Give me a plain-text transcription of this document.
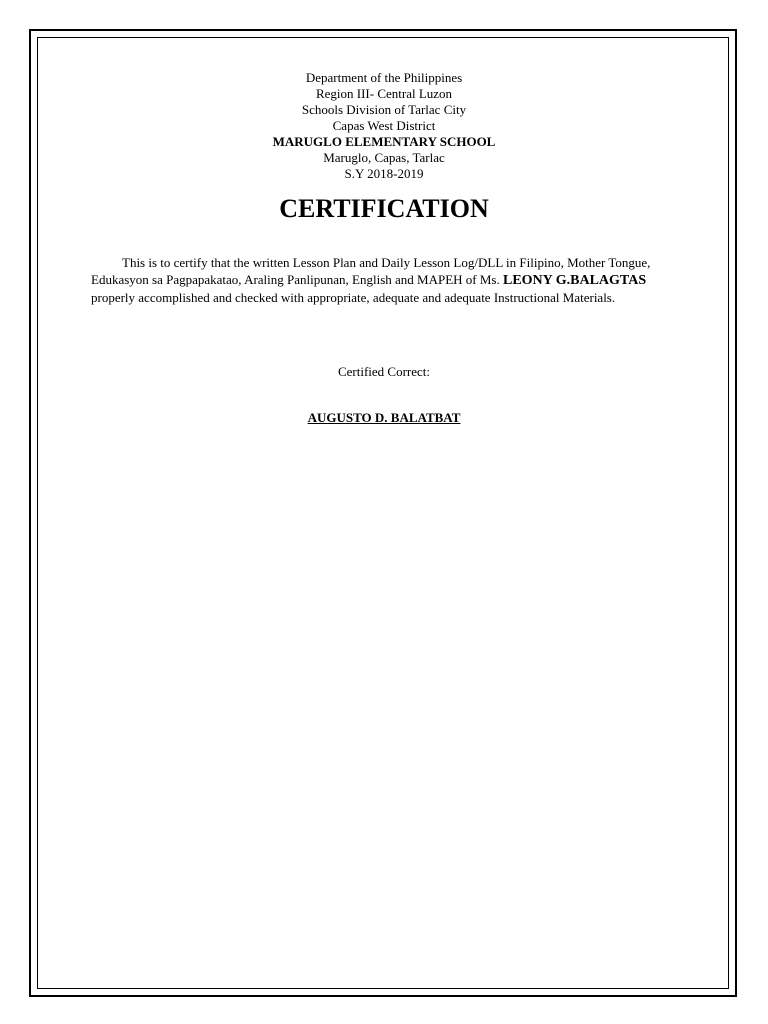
Department of the Philippines
Region III- Central Luzon
Schools Division of Tarlac City
Capas West District
MARUGLO ELEMENTARY SCHOOL
Maruglo, Capas, Tarlac
S.Y 2018-2019
CERTIFICATION
This is to certify that the written Lesson Plan and Daily Lesson Log/DLL in Filipino, Mother Tongue, Edukasyon sa Pagpapakatao, Araling Panlipunan, English and MAPEH of Ms. LEONY G.BALAGTAS properly accomplished and checked with appropriate, adequate and adequate Instructional Materials.
Certified Correct:
AUGUSTO D. BALATBAT
